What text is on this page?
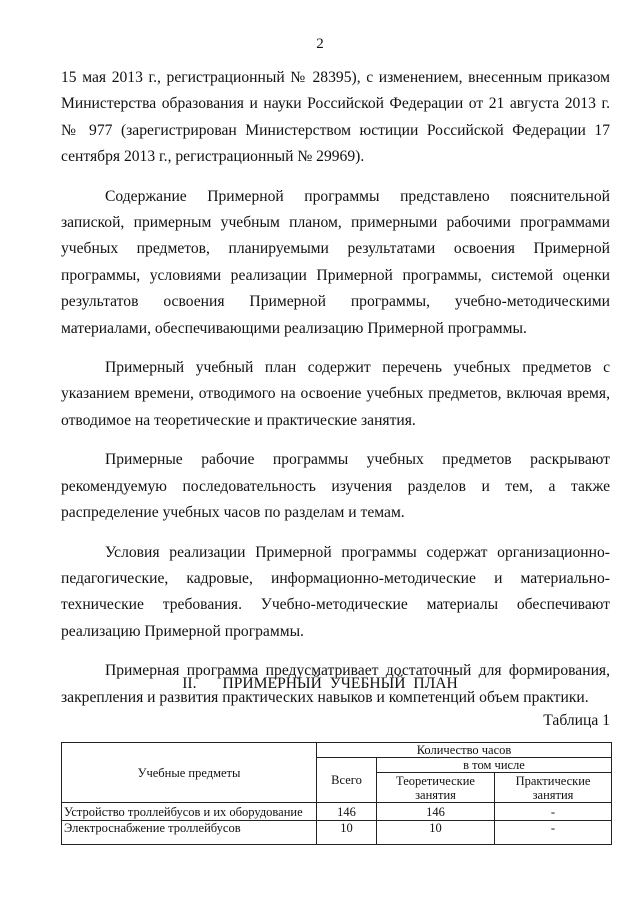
2

15 мая 2013 г., регистрационный № 28395), с изменением, внесенным приказом Министерства образования и науки Российской Федерации от 21 августа 2013 г. № 977 (зарегистрирован Министерством юстиции Российской Федерации 17 сентября 2013 г., регистрационный № 29969).

Содержание Примерной программы представлено пояснительной запиской, примерным учебным планом, примерными рабочими программами учебных предметов, планируемыми результатами освоения Примерной программы, условиями реализации Примерной программы, системой оценки результатов освоения Примерной программы, учебно-методическими материалами, обеспечивающими реализацию Примерной программы.

Примерный учебный план содержит перечень учебных предметов с указанием времени, отводимого на освоение учебных предметов, включая время, отводимое на теоретические и практические занятия.

Примерные рабочие программы учебных предметов раскрывают рекомендуемую последовательность изучения разделов и тем, а также распределение учебных часов по разделам и темам.

Условия реализации Примерной программы содержат организационно-педагогические, кадровые, информационно-методические и материально-технические требования. Учебно-методические материалы обеспечивают реализацию Примерной программы.

Примерная программа предусматривает достаточный для формирования, закрепления и развития практических навыков и компетенций объем практики.

II. ПРИМЕРНЫЙ УЧЕБНЫЙ ПЛАН
Таблица 1
Учебные предметы	Количество часов		
	Всего	в том числе	
		Теоретические занятия	Практические занятия
Устройство троллейбусов и их оборудование	146	146	-
Электроснабжение троллейбусов	10	10	-
